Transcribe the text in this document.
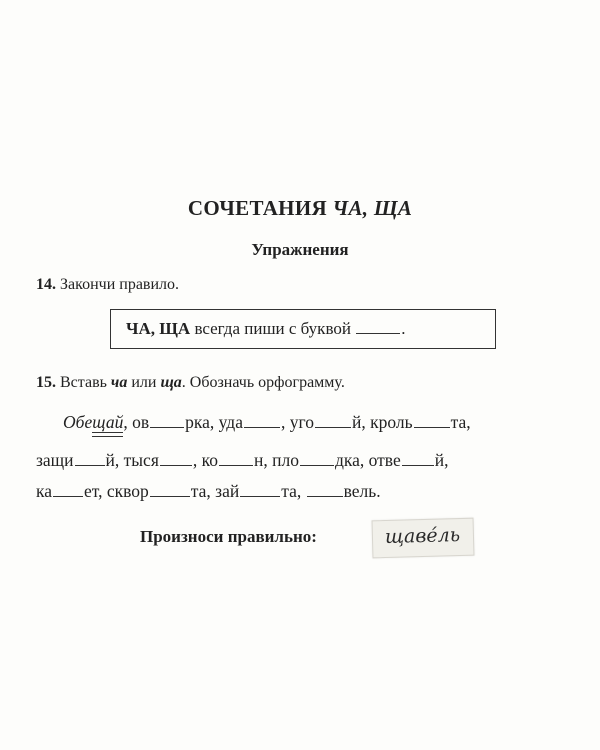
СОЧЕТАНИЯ ЧА, ЩА
Упражнения
14. Закончи правило.
ЧА, ЩА всегда пиши с буквой	.
15. Вставь ча или ща. Обозначь орфограмму.
Обещай, ов рка, уда , уго й, кроль та,
защи й, тыся , ко н, пло дка, отве й,
ка ет, сквор та, зай та, вель.
Произноси правильно:	щаве́ль
